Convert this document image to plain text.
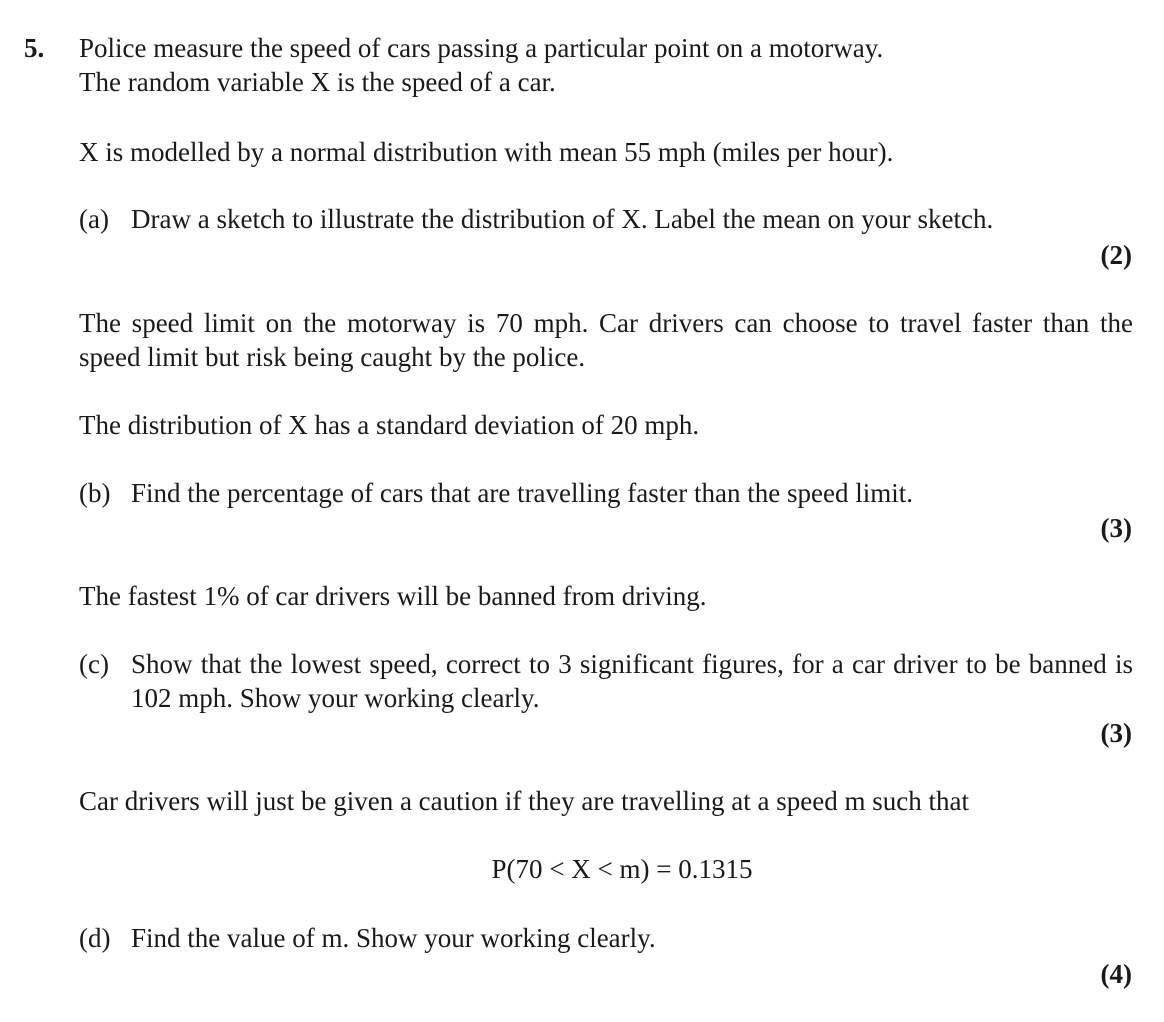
5. Police measure the speed of cars passing a particular point on a motorway.
The random variable X is the speed of a car.
X is modelled by a normal distribution with mean 55 mph (miles per hour).
(a) Draw a sketch to illustrate the distribution of X. Label the mean on your sketch.
(2)
The speed limit on the motorway is 70 mph. Car drivers can choose to travel faster than the speed limit but risk being caught by the police.
The distribution of X has a standard deviation of 20 mph.
(b) Find the percentage of cars that are travelling faster than the speed limit.
(3)
The fastest 1% of car drivers will be banned from driving.
(c) Show that the lowest speed, correct to 3 significant figures, for a car driver to be banned is 102 mph. Show your working clearly.
(3)
Car drivers will just be given a caution if they are travelling at a speed m such that
P(70 < X < m) = 0.1315
(d) Find the value of m. Show your working clearly.
(4)
